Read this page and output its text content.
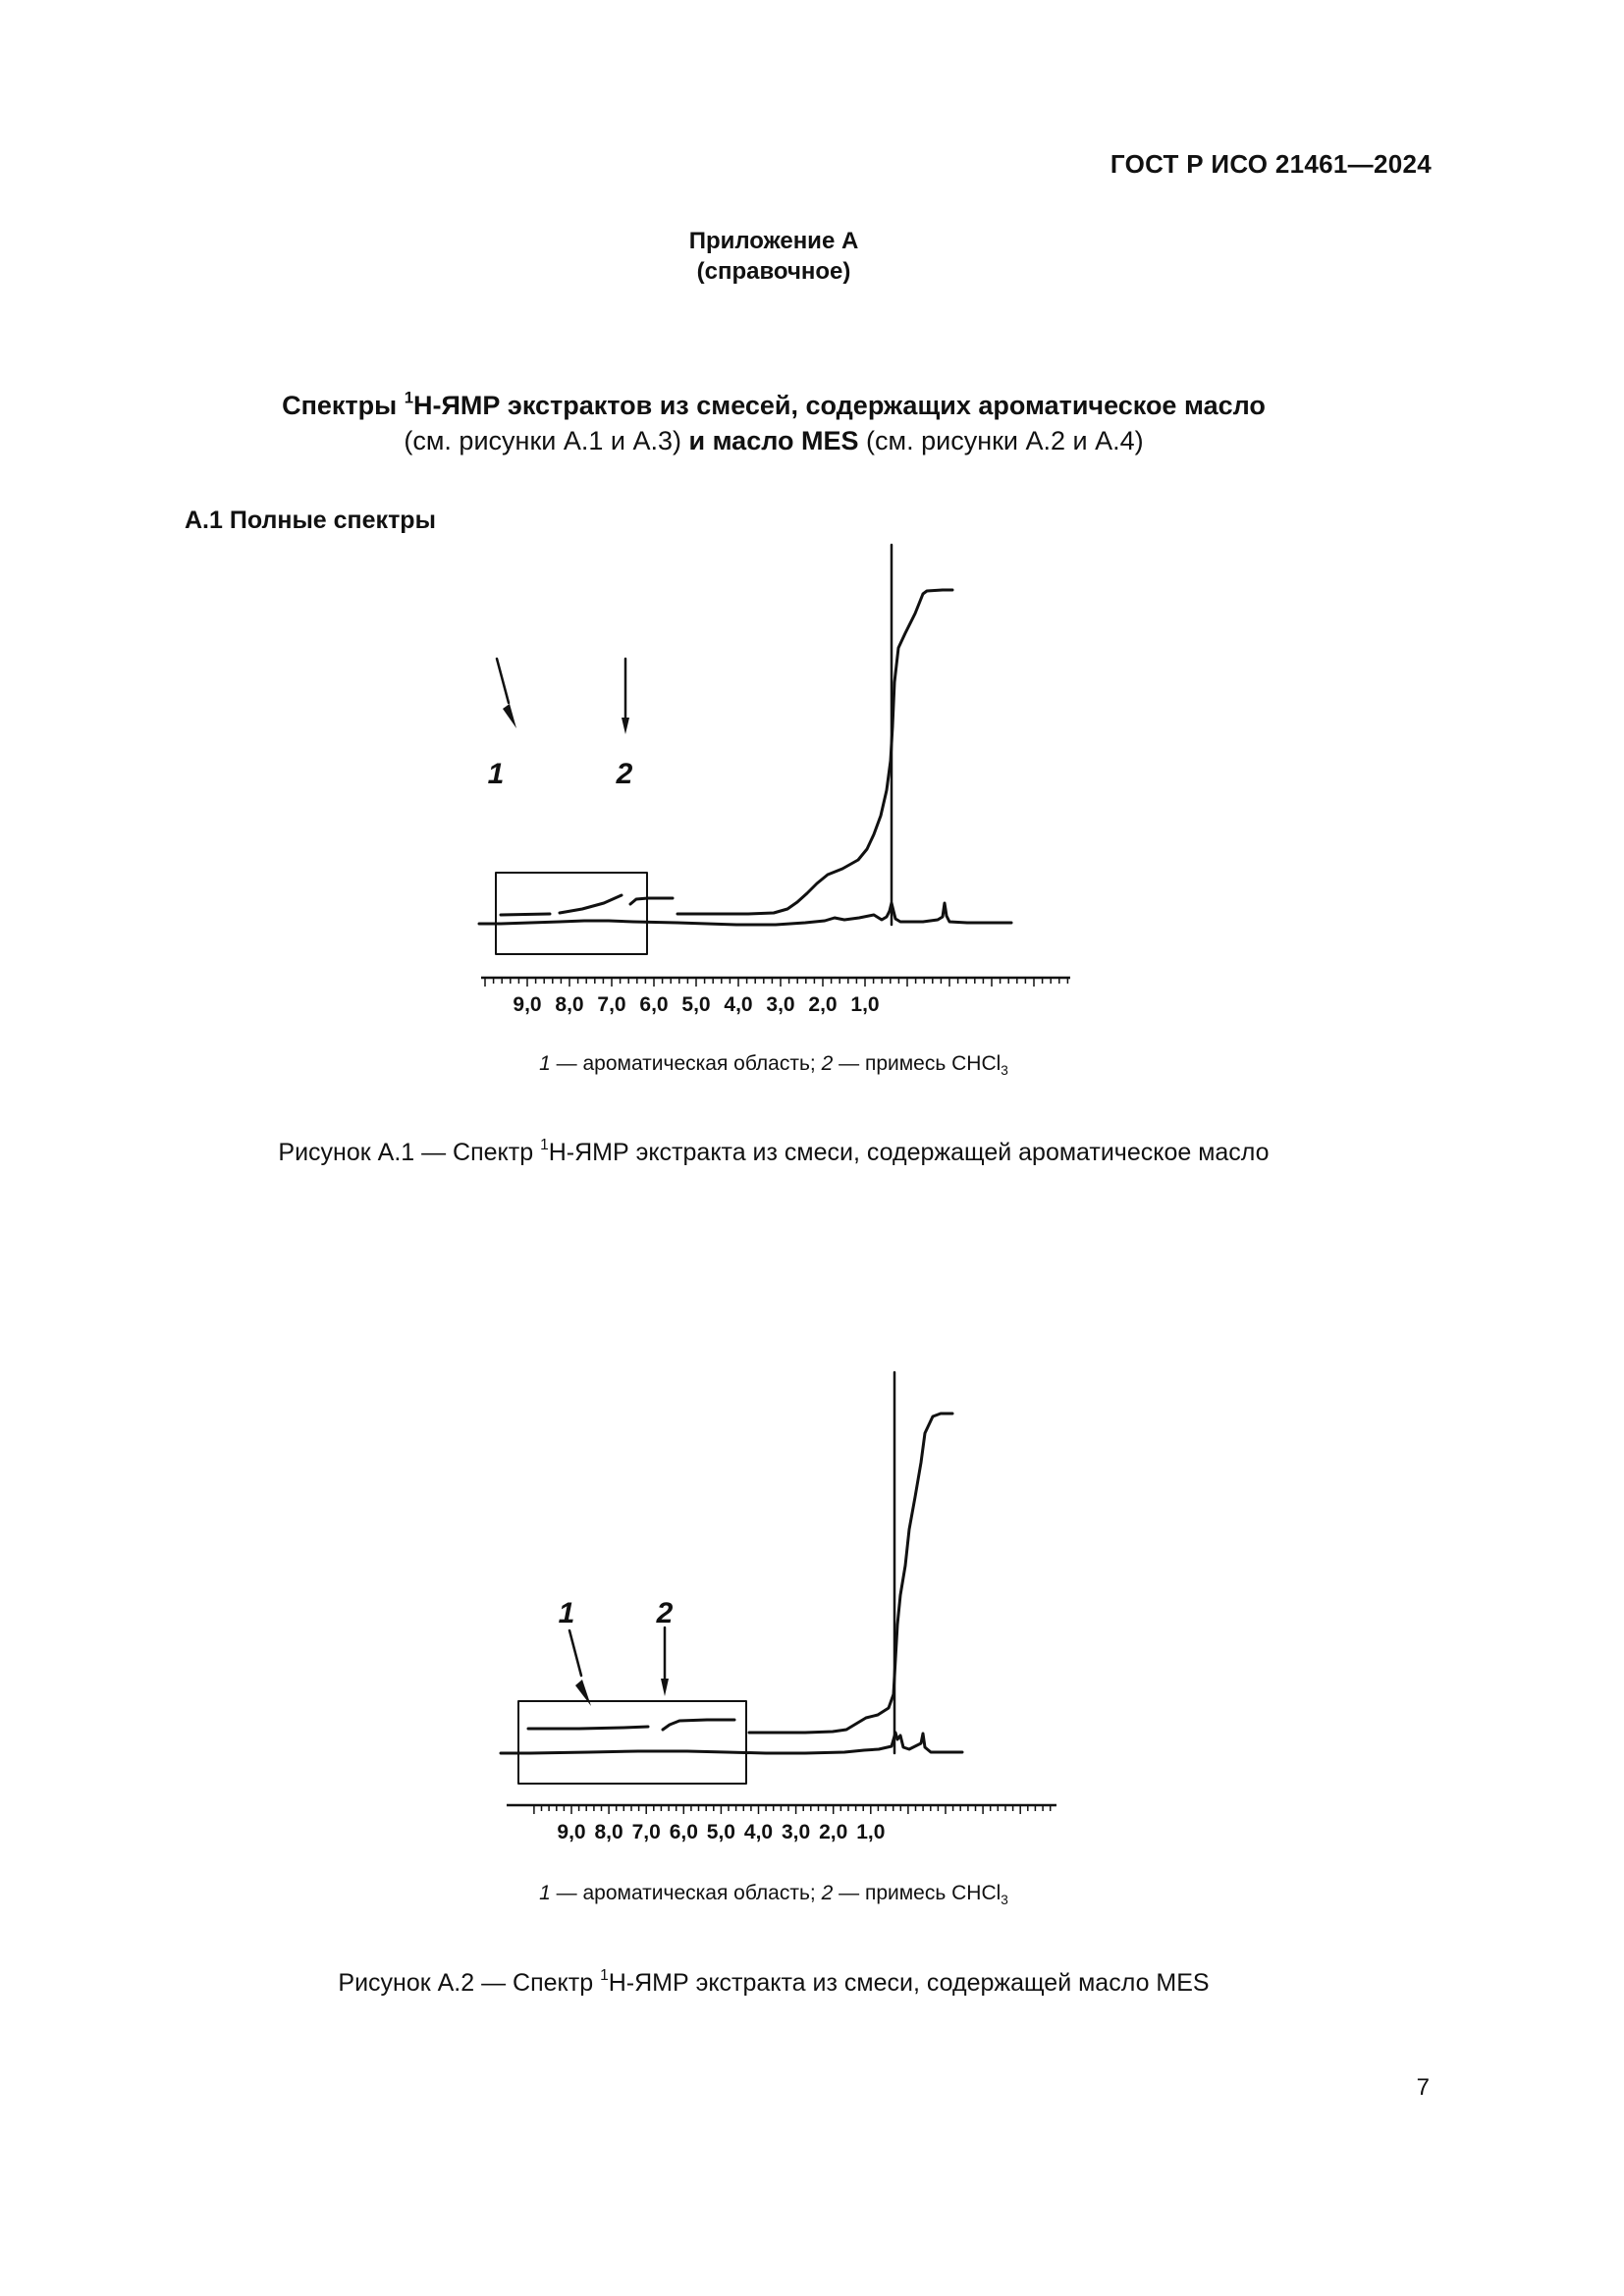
ГОСТ Р ИСО 21461—2024
Приложение А
(справочное)
Спектры $^1$Н-ЯМР экстрактов из смесей, содержащих ароматическое масло
(см. рисунки А.1 и А.3) и масло MES (см. рисунки А.2 и А.4)
А.1 Полные спектры
9,0 8,0 7,0 6,0 5,0 4,0 3,0 2,0 1,0
1	2
1 — ароматическая область; 2 — примесь CHCl$_3$
Рисунок А.1 — Спектр $^1$Н-ЯМР экстракта из смеси, содержащей ароматическое масло
9,0 8,0 7,0 6,0 5,0 4,0 3,0 2,0 1,0
1	2
1 — ароматическая область; 2 — примесь CHCl$_3$
Рисунок А.2 — Спектр $^1$Н-ЯМР экстракта из смеси, содержащей масло MES
7
